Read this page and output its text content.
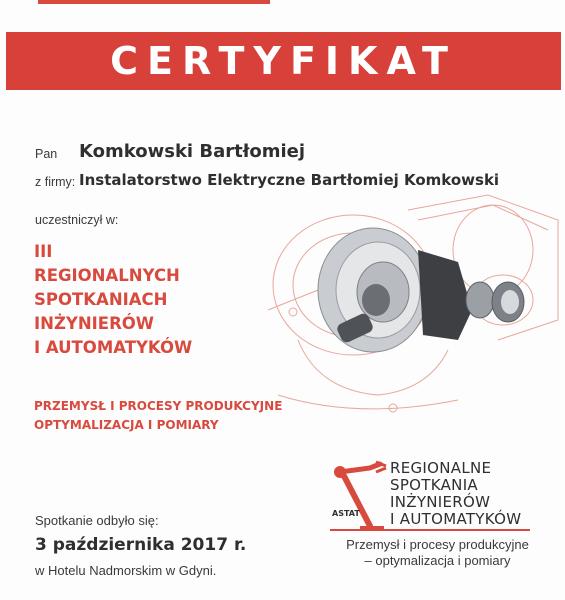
CERTYFIKAT
Pan Komkowski Bartłomiej
z firmy: Instalatorstwo Elektryczne Bartłomiej Komkowski
uczestniczył w:
III
REGIONALNYCH
SPOTKANIACH
INŻYNIERÓW
I AUTOMATYKÓW
PRZEMYSŁ I PROCESY PRODUKCYJNE
OPTYMALIZACJA I POMIARY
Spotkanie odbyło się:
3 października 2017 r.
w Hotelu Nadmorskim w Gdyni.
REGIONALNE
SPOTKANIA
INŻYNIERÓW
I AUTOMATYKÓW
ASTAT
Przemysł i procesy produkcyjne
– optymalizacja i pomiary
